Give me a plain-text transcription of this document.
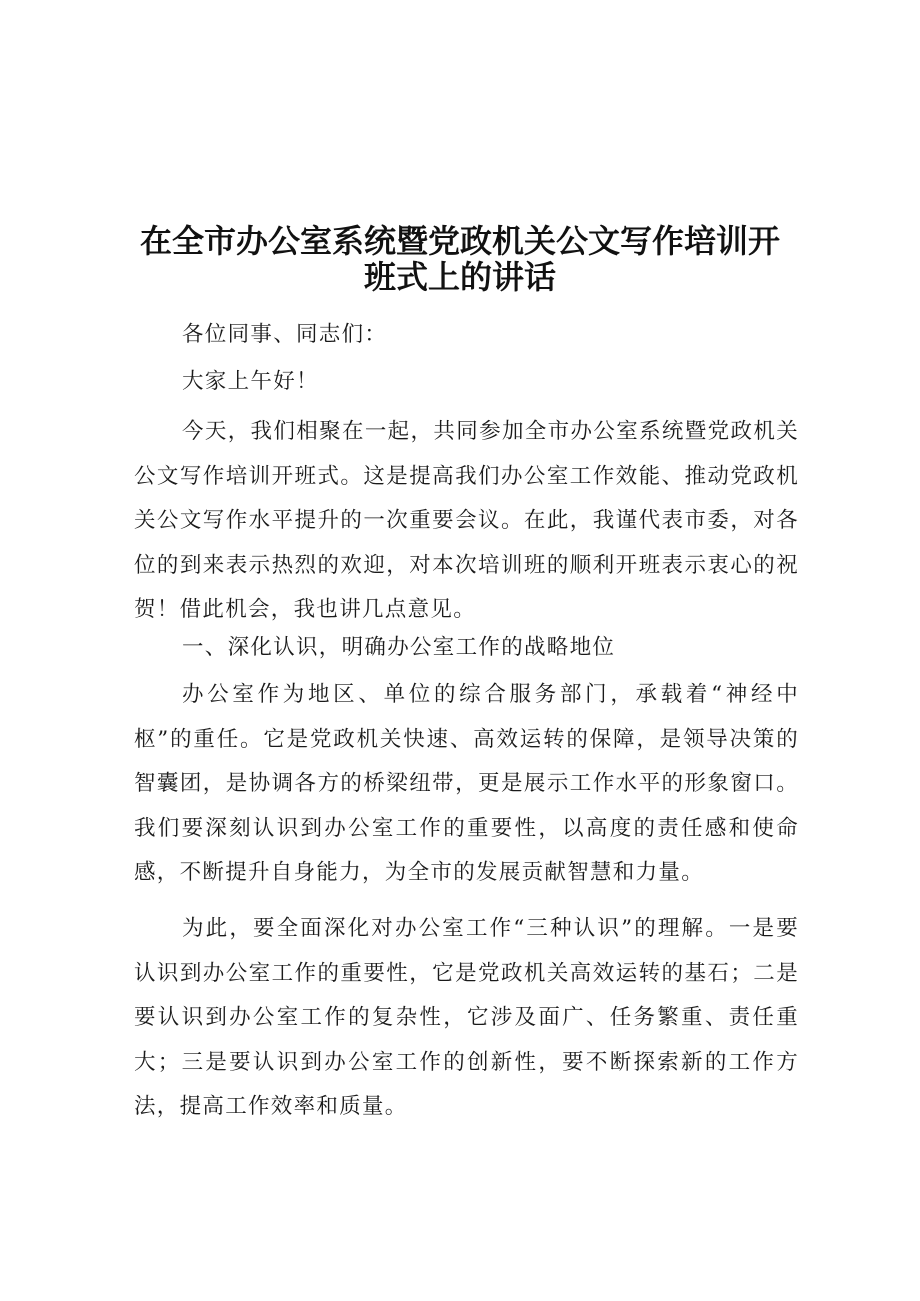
在全市办公室系统暨党政机关公文写作培训开
班式上的讲话

各位同事、同志们：

大家上午好！

今天，我们相聚在一起，共同参加全市办公室系统暨党政机关公文写作培训开班式。这是提高我们办公室工作效能、推动党政机关公文写作水平提升的一次重要会议。在此，我谨代表市委，对各位的到来表示热烈的欢迎，对本次培训班的顺利开班表示衷心的祝贺！借此机会，我也讲几点意见。

一、深化认识，明确办公室工作的战略地位

办公室作为地区、单位的综合服务部门，承载着“神经中枢”的重任。它是党政机关快速、高效运转的保障，是领导决策的智囊团，是协调各方的桥梁纽带，更是展示工作水平的形象窗口。我们要深刻认识到办公室工作的重要性，以高度的责任感和使命感，不断提升自身能力，为全市的发展贡献智慧和力量。

为此，要全面深化对办公室工作“三种认识”的理解。一是要认识到办公室工作的重要性，它是党政机关高效运转的基石；二是要认识到办公室工作的复杂性，它涉及面广、任务繁重、责任重大；三是要认识到办公室工作的创新性，要不断探索新的工作方法，提高工作效率和质量。
